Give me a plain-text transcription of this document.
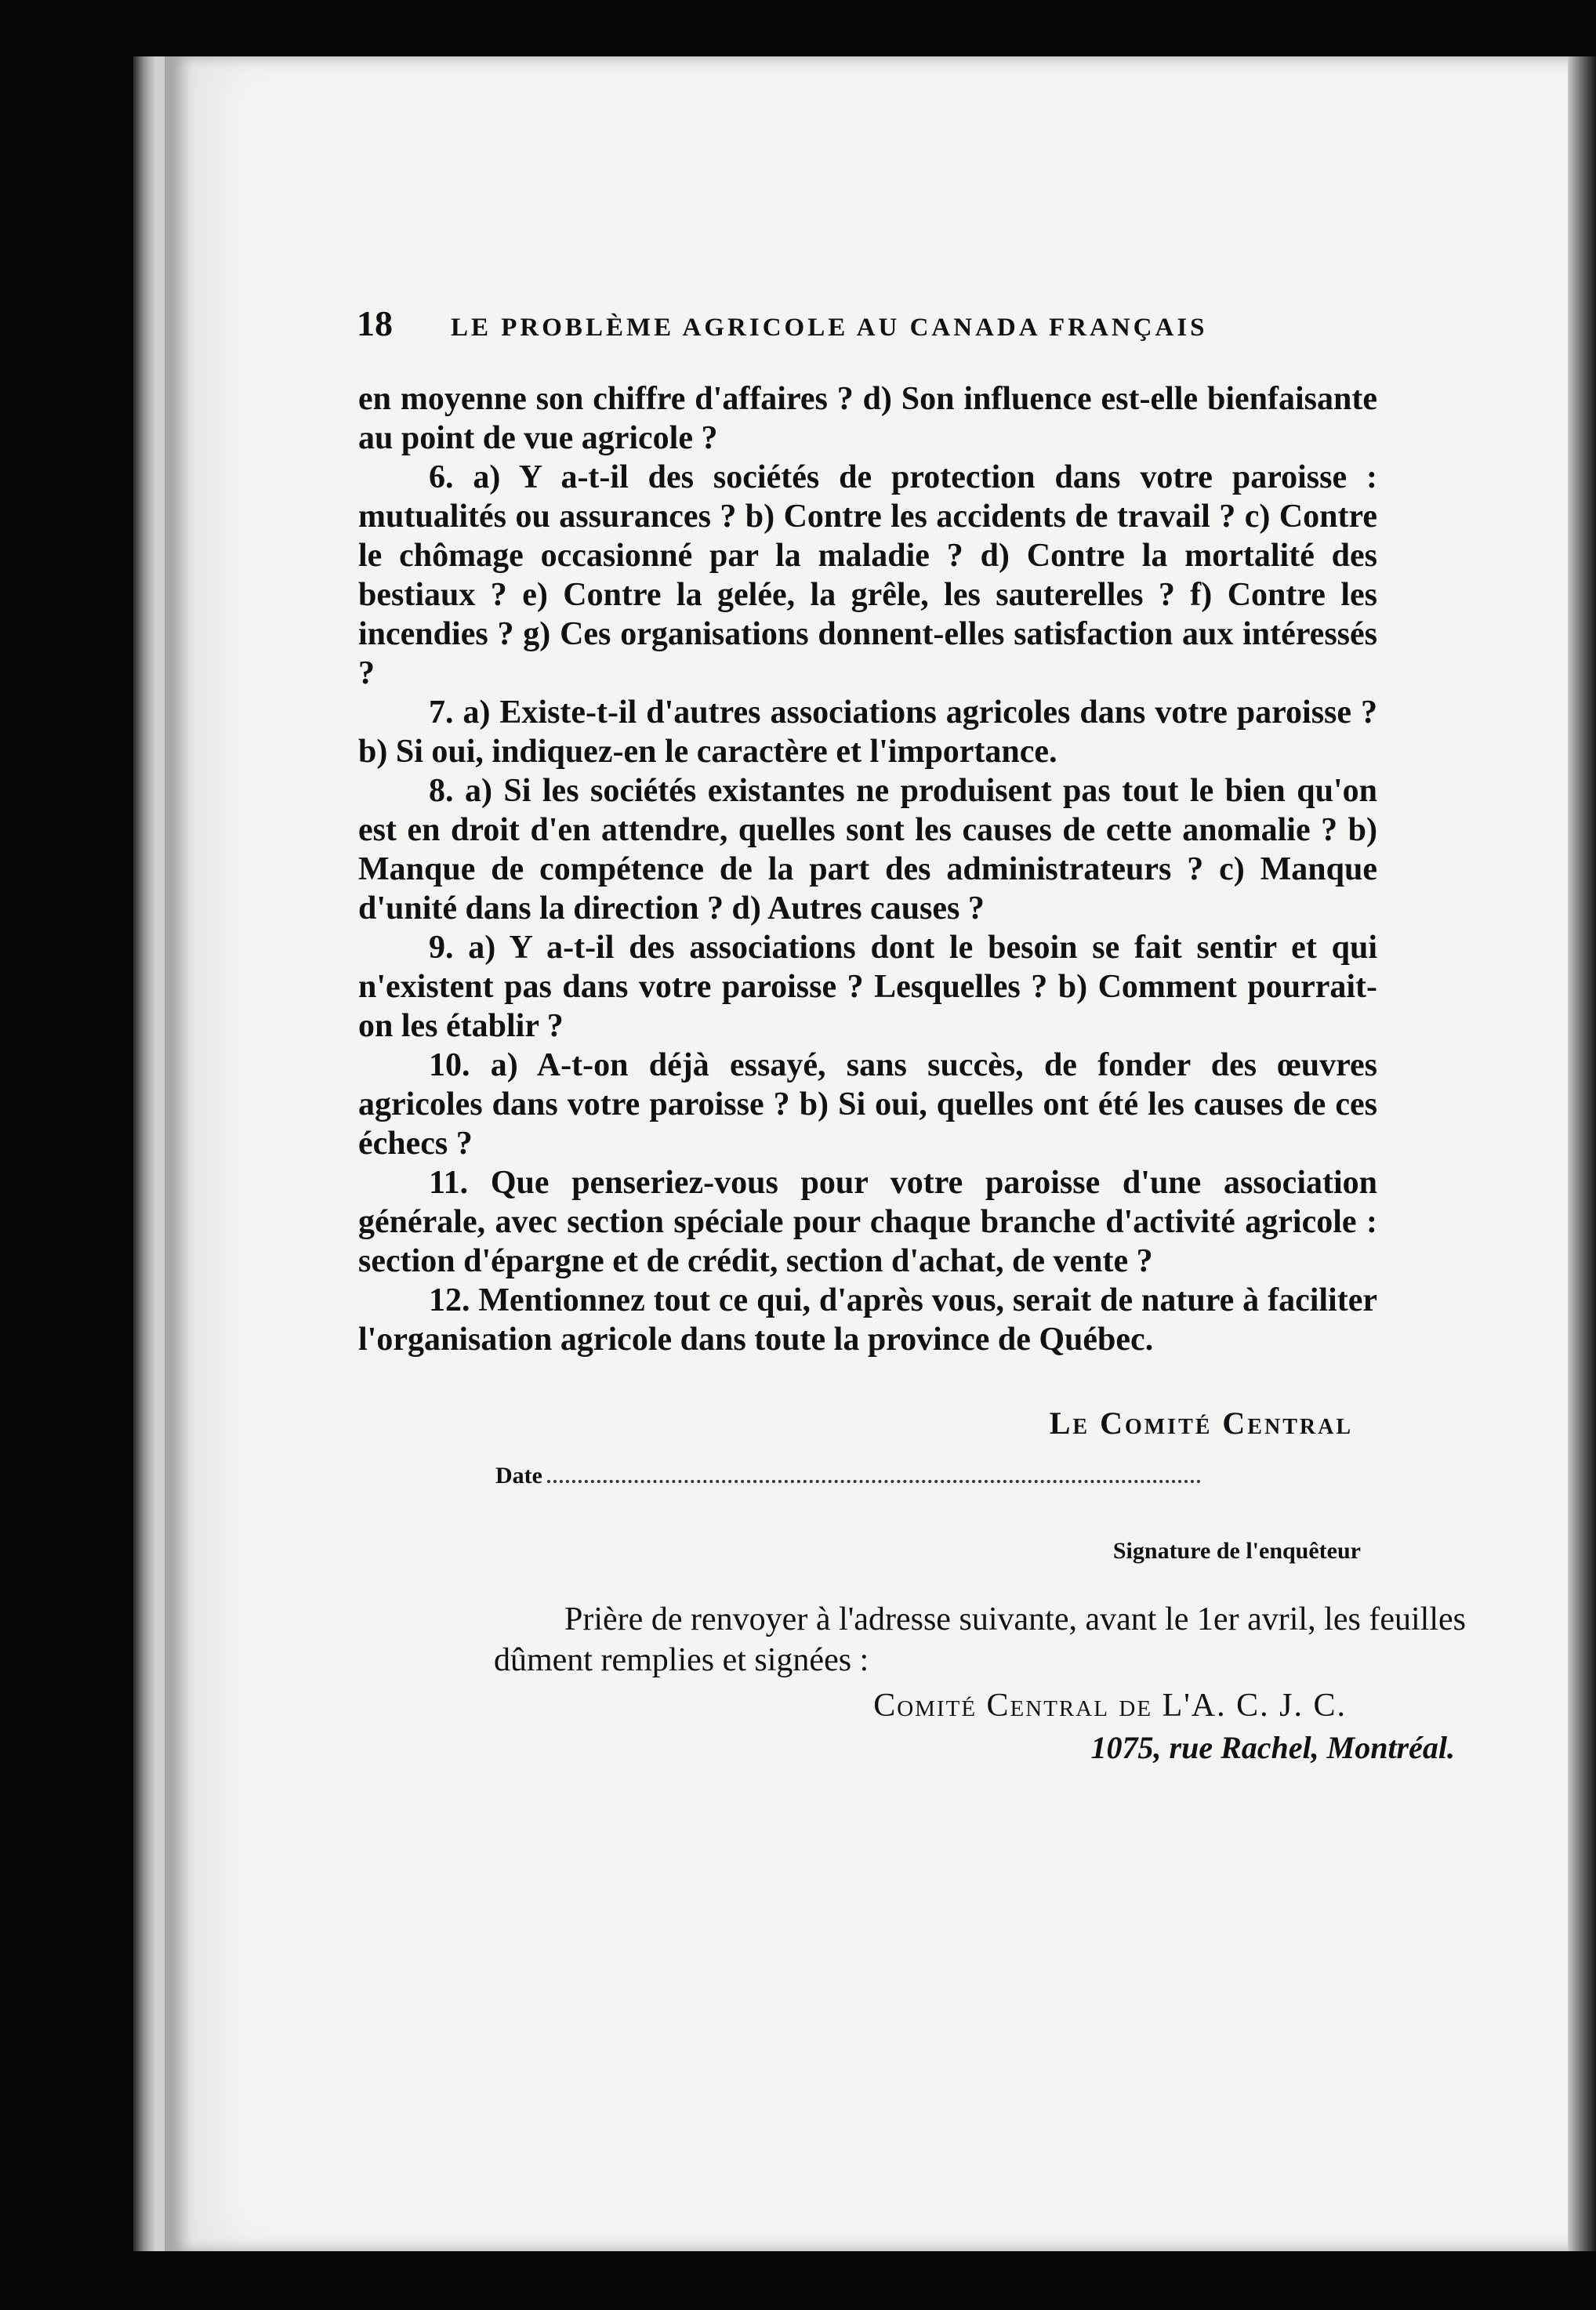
18	LE PROBLÈME AGRICOLE AU CANADA FRANÇAIS

en moyenne son chiffre d'affaires ? d) Son influence est-elle bienfaisante au point de vue agricole ?

6. a) Y a-t-il des sociétés de protection dans votre paroisse : mutualités ou assurances ? b) Contre les accidents de travail ? c) Contre le chômage occasionné par la maladie ? d) Contre la mortalité des bestiaux ? e) Contre la gelée, la grêle, les sauterelles ? f) Contre les incendies ? g) Ces organisations donnent-elles satisfaction aux intéressés ?

7. a) Existe-t-il d'autres associations agricoles dans votre paroisse ? b) Si oui, indiquez-en le caractère et l'importance.

8. a) Si les sociétés existantes ne produisent pas tout le bien qu'on est en droit d'en attendre, quelles sont les causes de cette anomalie ? b) Manque de compétence de la part des administrateurs ? c) Manque d'unité dans la direction ? d) Autres causes ?

9. a) Y a-t-il des associations dont le besoin se fait sentir et qui n'existent pas dans votre paroisse ? Lesquelles ? b) Comment pourrait-on les établir ?

10. a) A-t-on déjà essayé, sans succès, de fonder des œuvres agricoles dans votre paroisse ? b) Si oui, quelles ont été les causes de ces échecs ?

11. Que penseriez-vous pour votre paroisse d'une association générale, avec section spéciale pour chaque branche d'activité agricole : section d'épargne et de crédit, section d'achat, de vente ?

12. Mentionnez tout ce qui, d'après vous, serait de nature à faciliter l'organisation agricole dans toute la province de Québec.

Le Comité Central
Date
Signature de l'enquêteur

Prière de renvoyer à l'adresse suivante, avant le 1er avril, les feuilles dûment remplies et signées :

Comité Central de L'A. C. J. C.
1075, rue Rachel, Montréal.
